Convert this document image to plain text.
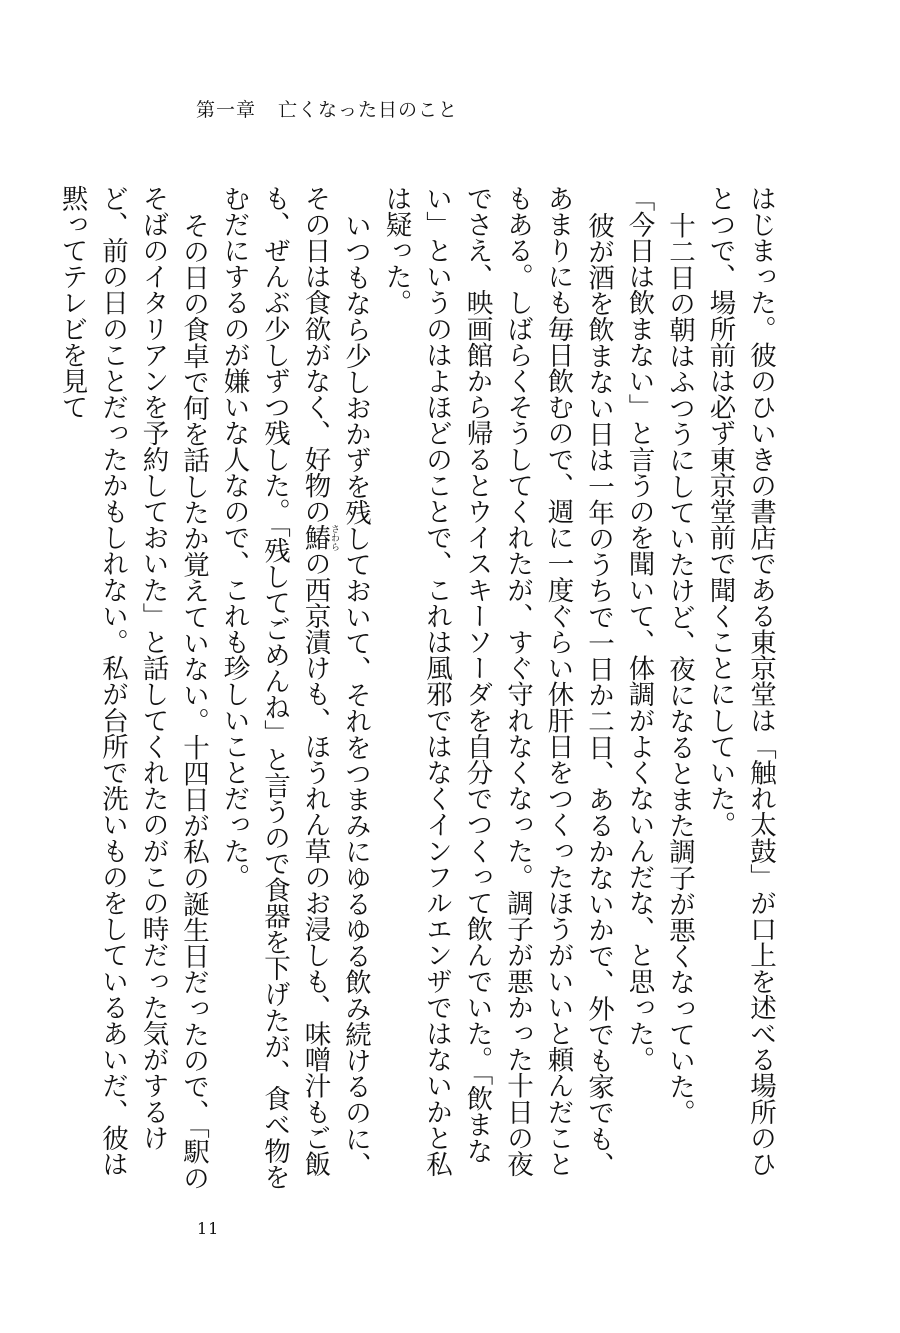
第一章 亡くなった日のこと

はじまった。彼のひいきの書店である東京堂は「触れ太鼓」が口上を述べる場所のひとつで、場所前は必ず東京堂前で聞くことにしていた。

十二日の朝はふつうにしていたけど、夜になるとまた調子が悪くなっていた。

「今日は飲まない」と言うのを聞いて、体調がよくないんだな、と思った。

彼が酒を飲まない日は一年のうちで一日か二日、あるかないかで、外でも家でも、あまりにも毎日飲むので、週に一度ぐらい休肝日をつくったほうがいいと頼んだこともある。しばらくそうしてくれたが、すぐ守れなくなった。調子が悪かった十日の夜でさえ、映画館から帰るとウイスキーソーダを自分でつくって飲んでいた。「飲まない」というのはよほどのことで、これは風邪ではなくインフルエンザではないかと私は疑った。

いつもなら少しおかずを残しておいて、それをつまみにゆるゆる飲み続けるのに、その日は食欲がなく、好物の鰆さわらの西京漬けも、ほうれん草のお浸しも、味噌汁もご飯も、ぜんぶ少しずつ残した。「残してごめんね」と言うので食器を下げたが、食べ物をむだにするのが嫌いな人なので、これも珍しいことだった。

その日の食卓で何を話したか覚えていない。十四日が私の誕生日だったので、「駅のそばのイタリアンを予約しておいた」と話してくれたのがこの時だった気がするけど、前の日のことだったかもしれない。私が台所で洗いものをしているあいだ、彼は黙ってテレビを見て

11
